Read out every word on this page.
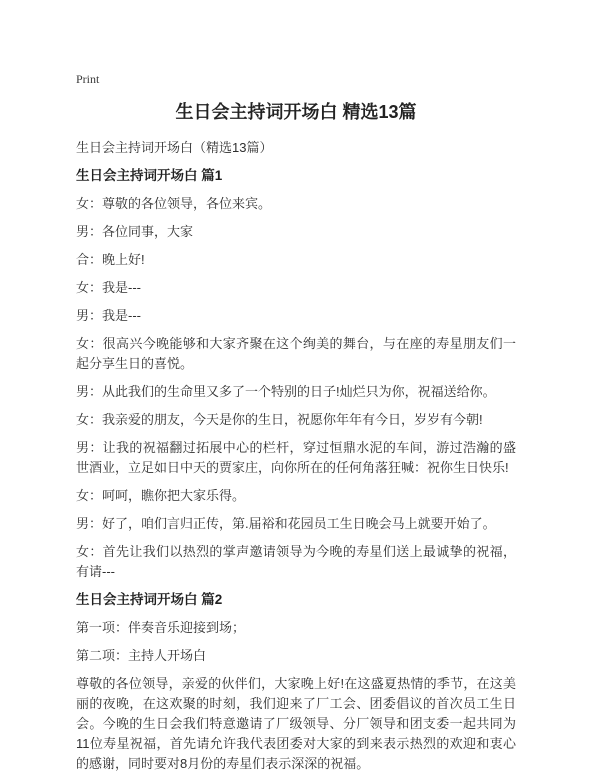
Print
生日会主持词开场白 精选13篇

生日会主持词开场白（精选13篇）

生日会主持词开场白 篇1

女：尊敬的各位领导，各位来宾。

男：各位同事，大家

合：晚上好!

女：我是---

男：我是---

女：很高兴今晚能够和大家齐聚在这个绚美的舞台，与在座的寿星朋友们一起分享生日的喜悦。

男：从此我们的生命里又多了一个特别的日子!灿烂只为你，祝福送给你。

女：我亲爱的朋友，今天是你的生日，祝愿你年年有今日，岁岁有今朝!

男：让我的祝福翻过拓展中心的栏杆，穿过恒鼎水泥的车间，游过浩瀚的盛世酒业，立足如日中天的贾家庄，向你所在的任何角落狂喊：祝你生日快乐!

女：呵呵，瞧你把大家乐得。

男：好了，咱们言归正传，第.届裕和花园员工生日晚会马上就要开始了。

女：首先让我们以热烈的掌声邀请领导为今晚的寿星们送上最诚挚的祝福，有请---

生日会主持词开场白 篇2

第一项：伴奏音乐迎接到场；

第二项：主持人开场白

尊敬的各位领导，亲爱的伙伴们，大家晚上好!在这盛夏热情的季节，在这美丽的夜晚，在这欢聚的时刻，我们迎来了厂工会、团委倡议的首次员工生日会。今晚的生日会我们特意邀请了厂级领导、分厂领导和团支委一起共同为11位寿星祝福，首先请允许我代表团委对大家的到来表示热烈的欢迎和衷心的感谢，同时要对8月份的寿星们表示深深的祝福。
